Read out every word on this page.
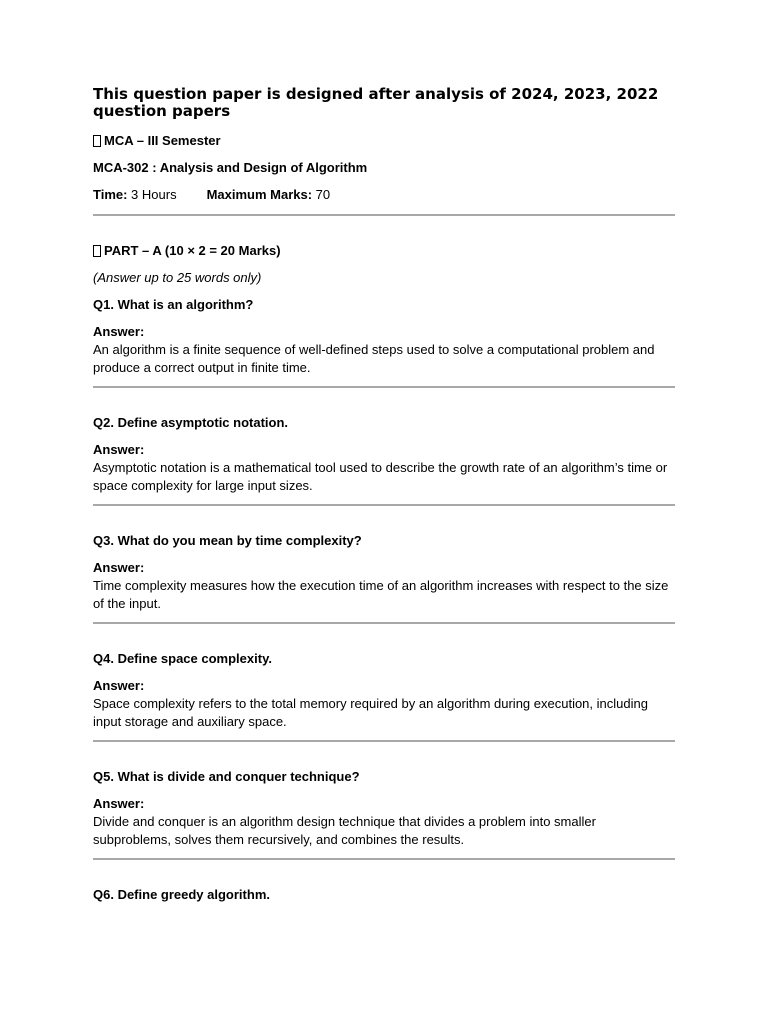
This question paper is designed after analysis of 2024, 2023, 2022 question papers

MCA – III Semester

MCA-302 : Analysis and Design of Algorithm

Time: 3 Hours Maximum Marks: 70

PART – A (10 × 2 = 20 Marks)

(Answer up to 25 words only)

Q1. What is an algorithm?

Answer:

An algorithm is a finite sequence of well-defined steps used to solve a computational problem and produce a correct output in finite time.

Q2. Define asymptotic notation.

Answer:

Asymptotic notation is a mathematical tool used to describe the growth rate of an algorithm’s time or space complexity for large input sizes.

Q3. What do you mean by time complexity?

Answer:

Time complexity measures how the execution time of an algorithm increases with respect to the size of the input.

Q4. Define space complexity.

Answer:

Space complexity refers to the total memory required by an algorithm during execution, including input storage and auxiliary space.

Q5. What is divide and conquer technique?

Answer:

Divide and conquer is an algorithm design technique that divides a problem into smaller subproblems, solves them recursively, and combines the results.

Q6. Define greedy algorithm.
